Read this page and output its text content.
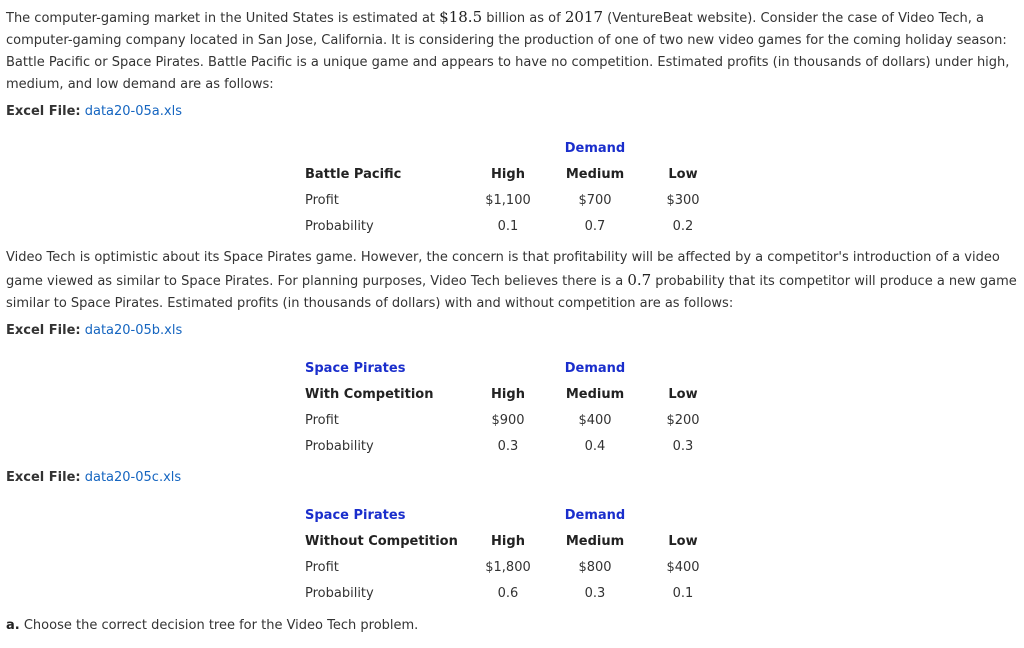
The computer-gaming market in the United States is estimated at $18.5 billion as of 2017 (VentureBeat website). Consider the case of Video Tech, a computer-gaming company located in San Jose, California. It is considering the production of one of two new video games for the coming holiday season: Battle Pacific or Space Pirates. Battle Pacific is a unique game and appears to have no competition. Estimated profits (in thousands of dollars) under high, medium, and low demand are as follows:

Excel File: data20-05a.xls

Demand
Battle Pacific	High	Medium	Low
Profit	$1,100	$700	$300
Probability	0.1	0.7	0.2

Video Tech is optimistic about its Space Pirates game. However, the concern is that profitability will be affected by a competitor's introduction of a video game viewed as similar to Space Pirates. For planning purposes, Video Tech believes there is a 0.7 probability that its competitor will produce a new game similar to Space Pirates. Estimated profits (in thousands of dollars) with and without competition are as follows:

Excel File: data20-05b.xls

Space Pirates	Demand
With Competition	High	Medium	Low
Profit	$900	$400	$200
Probability	0.3	0.4	0.3

Excel File: data20-05c.xls

Space Pirates	Demand
Without Competition	High	Medium	Low
Profit	$1,800	$800	$400
Probability	0.6	0.3	0.1

a. Choose the correct decision tree for the Video Tech problem.
